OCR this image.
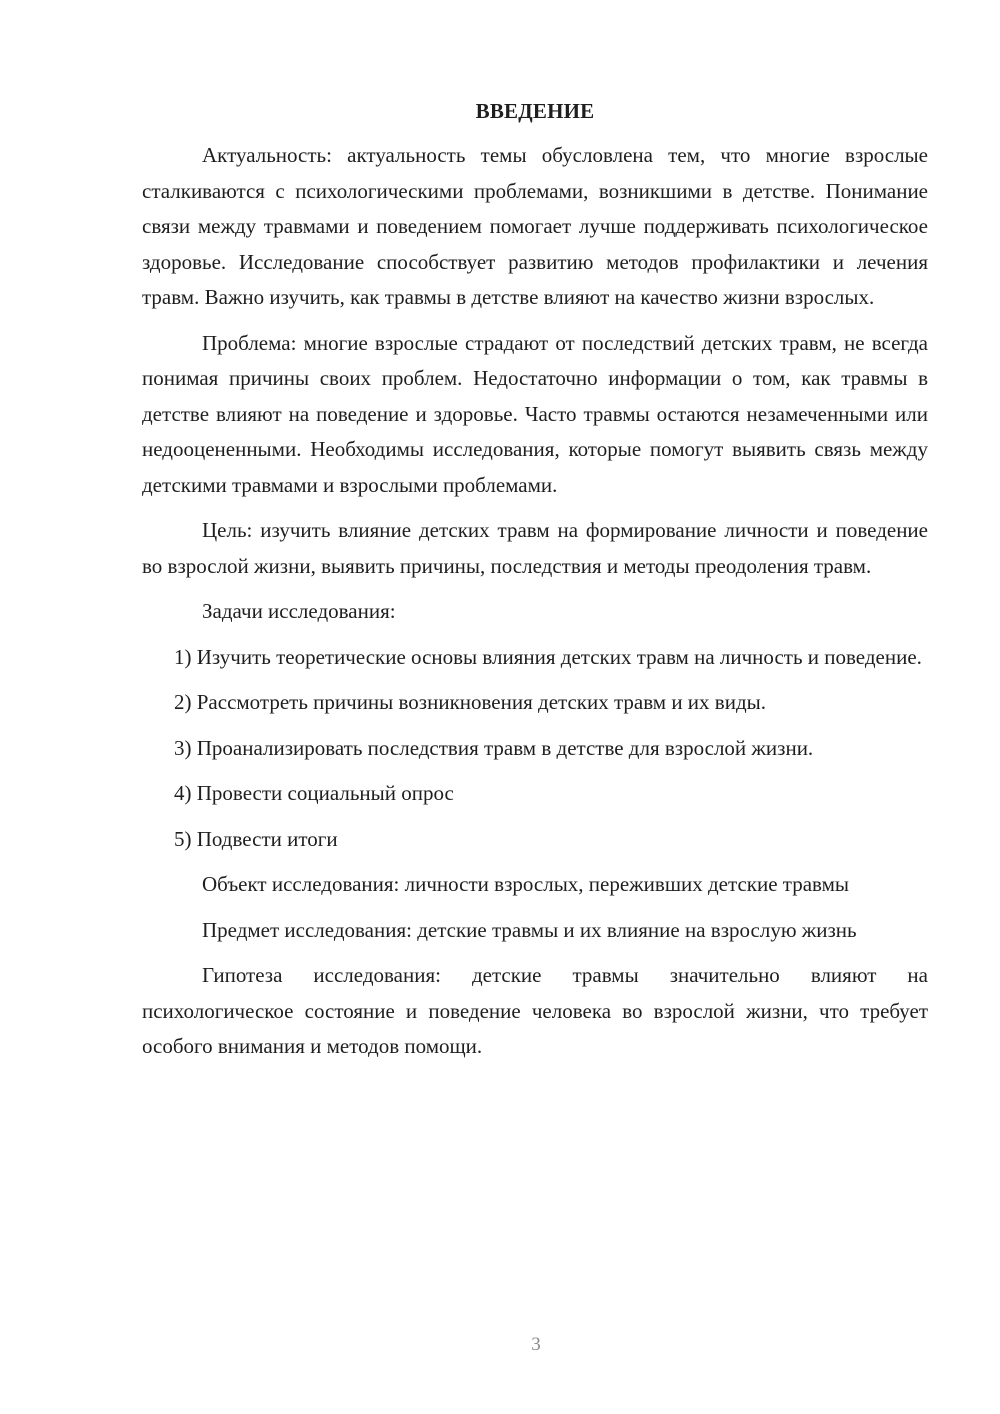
ВВЕДЕНИЕ

Актуальность: актуальность темы обусловлена тем, что многие взрослые сталкиваются с психологическими проблемами, возникшими в детстве. Понимание связи между травмами и поведением помогает лучше поддерживать психологическое здоровье. Исследование способствует развитию методов профилактики и лечения травм. Важно изучить, как травмы в детстве влияют на качество жизни взрослых.

Проблема: многие взрослые страдают от последствий детских травм, не всегда понимая причины своих проблем. Недостаточно информации о том, как травмы в детстве влияют на поведение и здоровье. Часто травмы остаются незамеченными или недооцененными. Необходимы исследования, которые помогут выявить связь между детскими травмами и взрослыми проблемами.

Цель: изучить влияние детских травм на формирование личности и поведение во взрослой жизни, выявить причины, последствия и методы преодоления травм.

Задачи исследования:

1) Изучить теоретические основы влияния детских травм на личность и поведение.

2) Рассмотреть причины возникновения детских травм и их виды.

3) Проанализировать последствия травм в детстве для взрослой жизни.

4) Провести социальный опрос

5) Подвести итоги

Объект исследования: личности взрослых, переживших детские травмы

Предмет исследования: детские травмы и их влияние на взрослую жизнь

Гипотеза исследования: детские травмы значительно влияют на психологическое состояние и поведение человека во взрослой жизни, что требует особого внимания и методов помощи.

3
